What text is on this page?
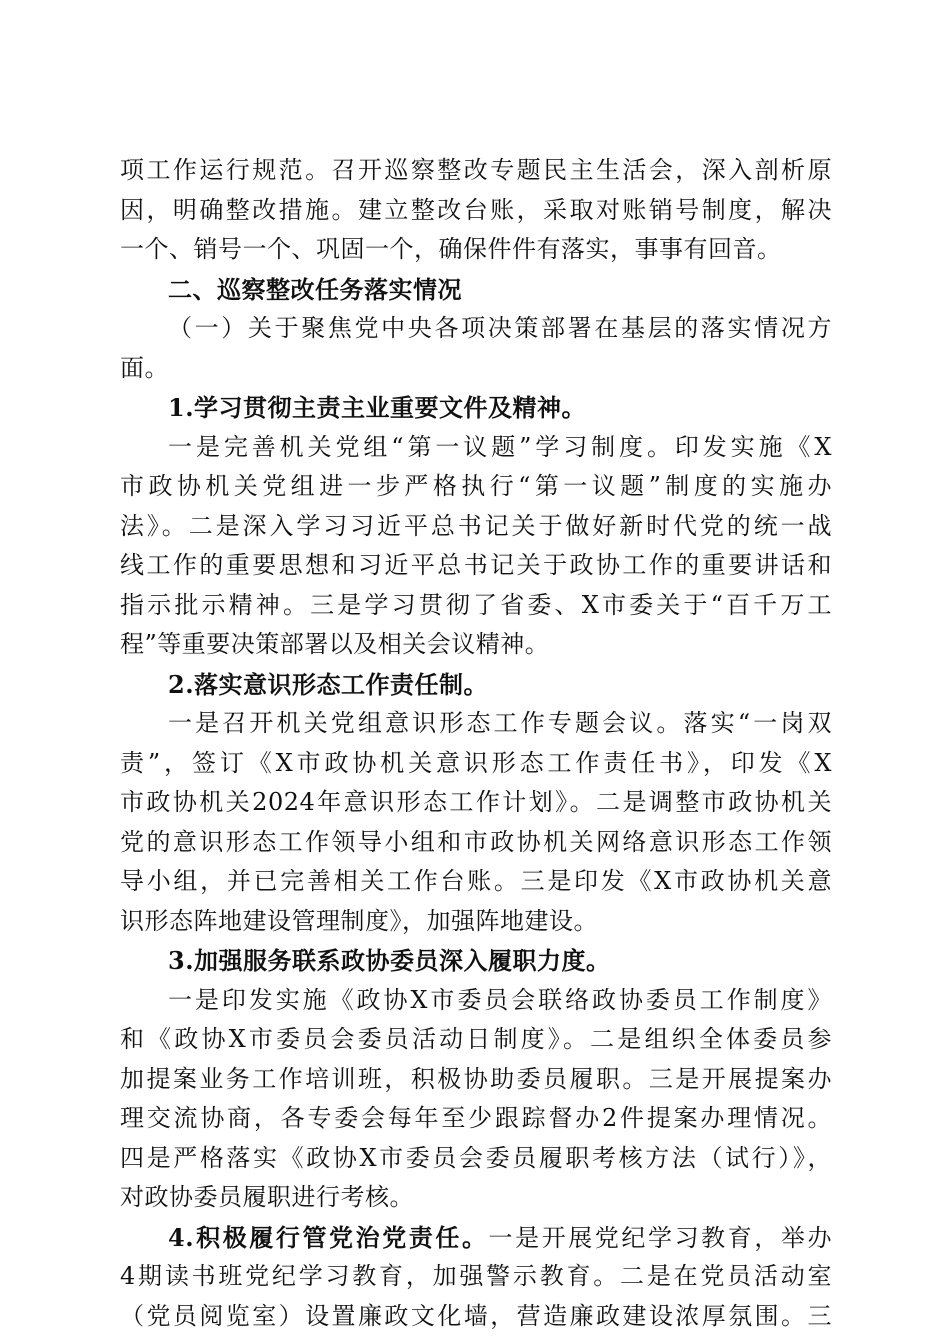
项工作运行规范。召开巡察整改专题民主生活会，深入剖析原
因，明确整改措施。建立整改台账，采取对账销号制度，解决
一个、销号一个、巩固一个，确保件件有落实，事事有回音。
二、巡察整改任务落实情况
（一）关于聚焦党中央各项决策部署在基层的落实情况方
面。
1.学习贯彻主责主业重要文件及精神。
一是完善机关党组“第一议题”学习制度。印发实施《X
市政协机关党组进一步严格执行“第一议题”制度的实施办
法》。二是深入学习习近平总书记关于做好新时代党的统一战
线工作的重要思想和习近平总书记关于政协工作的重要讲话和
指示批示精神。三是学习贯彻了省委、X市委关于“百千万工
程”等重要决策部署以及相关会议精神。
2.落实意识形态工作责任制。
一是召开机关党组意识形态工作专题会议。落实“一岗双
责”，签订《X市政协机关意识形态工作责任书》，印发《X
市政协机关2024年意识形态工作计划》。二是调整市政协机关
党的意识形态工作领导小组和市政协机关网络意识形态工作领
导小组，并已完善相关工作台账。三是印发《X市政协机关意
识形态阵地建设管理制度》，加强阵地建设。
3.加强服务联系政协委员深入履职力度。
一是印发实施《政协X市委员会联络政协委员工作制度》
和《政协X市委员会委员活动日制度》。二是组织全体委员参
加提案业务工作培训班，积极协助委员履职。三是开展提案办
理交流协商，各专委会每年至少跟踪督办2件提案办理情况。
四是严格落实《政协X市委员会委员履职考核方法（试行）》，
对政协委员履职进行考核。
4.积极履行管党治党责任。一是开展党纪学习教育，举办
4期读书班党纪学习教育，加强警示教育。二是在党员活动室
（党员阅览室）设置廉政文化墙，营造廉政建设浓厚氛围。三
